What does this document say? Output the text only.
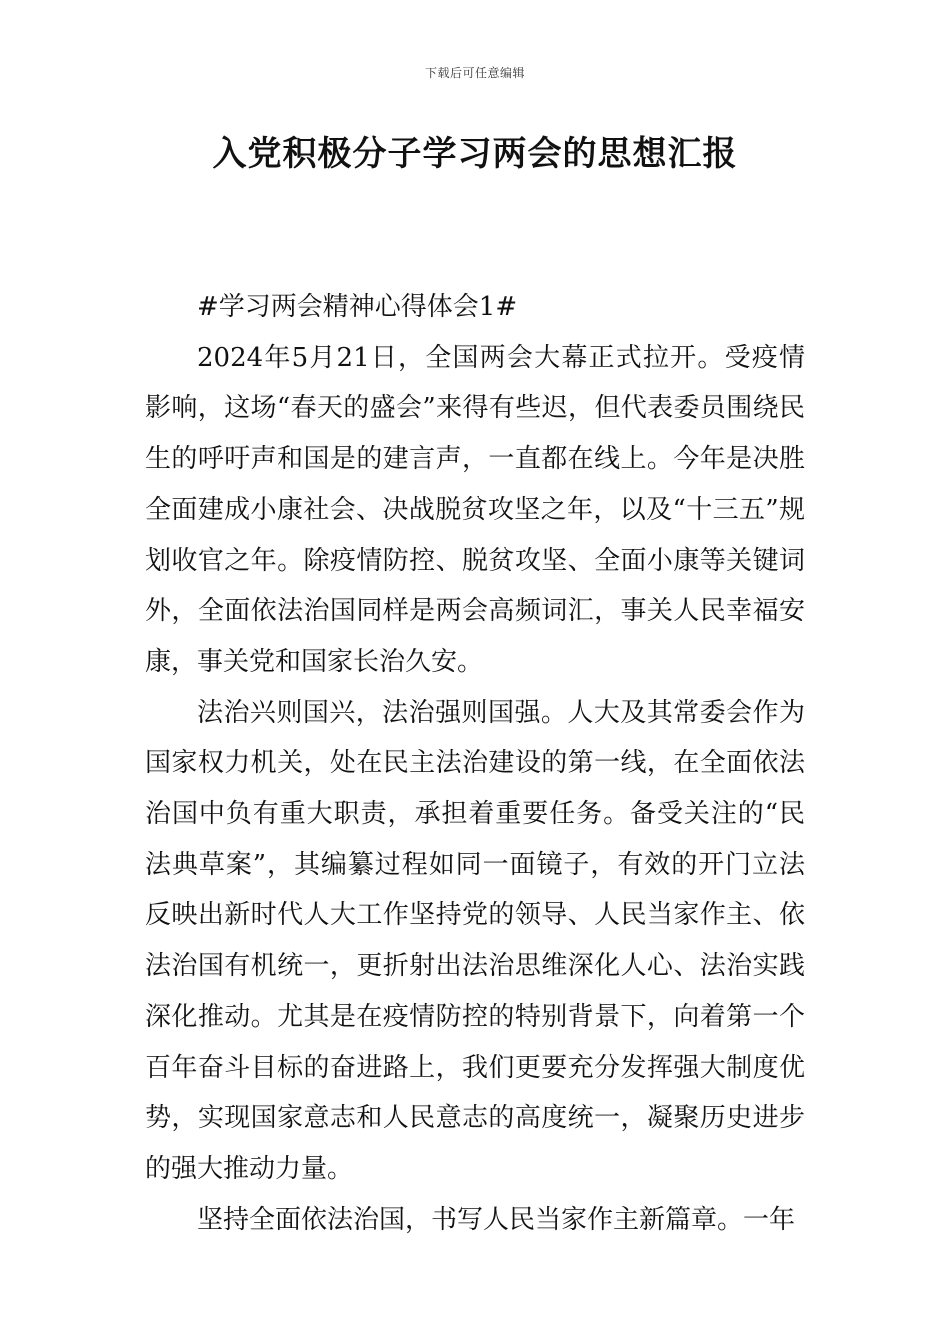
下载后可任意编辑
入党积极分子学习两会的思想汇报

#学习两会精神心得体会1#

2024年5月21日，全国两会大幕正式拉开。受疫情影响，这场“春天的盛会”来得有些迟，但代表委员围绕民生的呼吁声和国是的建言声，一直都在线上。今年是决胜全面建成小康社会、决战脱贫攻坚之年，以及“十三五”规划收官之年。除疫情防控、脱贫攻坚、全面小康等关键词外，全面依法治国同样是两会高频词汇，事关人民幸福安康，事关党和国家长治久安。

法治兴则国兴，法治强则国强。人大及其常委会作为国家权力机关，处在民主法治建设的第一线，在全面依法治国中负有重大职责，承担着重要任务。备受关注的“民法典草案”，其编纂过程如同一面镜子，有效的开门立法反映出新时代人大工作坚持党的领导、人民当家作主、依法治国有机统一，更折射出法治思维深化人心、法治实践深化推动。尤其是在疫情防控的特别背景下，向着第一个百年奋斗目标的奋进路上，我们更要充分发挥强大制度优势，实现国家意志和人民意志的高度统一，凝聚历史进步的强大推动力量。

坚持全面依法治国，书写人民当家作主新篇章。一年
